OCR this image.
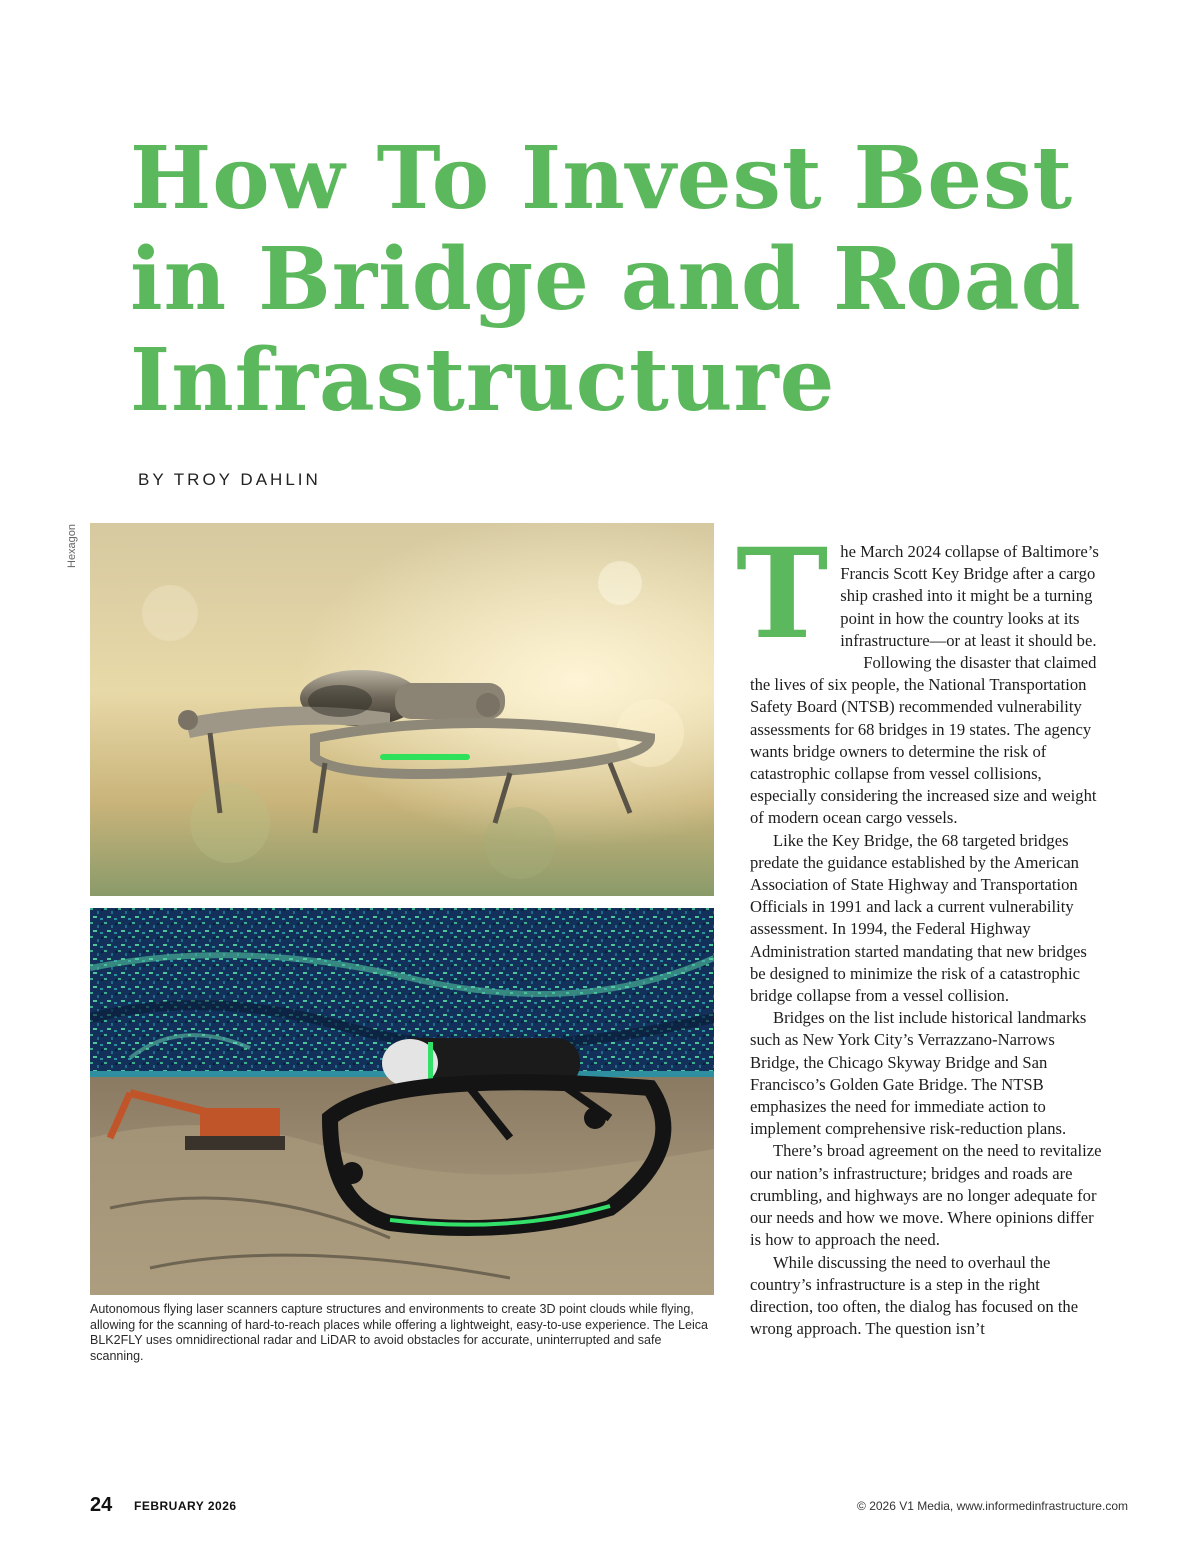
How To Invest Best
in Bridge and Road
Infrastructure
BY TROY DAHLIN
Hexagon

Autonomous flying laser scanners capture structures and environments to create 3D point clouds while flying, allowing for the scanning of hard-to-reach places while offering a lightweight, easy-to-use experience. The Leica BLK2FLY uses omnidirectional radar and LiDAR to avoid obstacles for accurate, uninterrupted and safe scanning.

T he March 2024 collapse of Baltimore’s Francis Scott Key Bridge after a cargo ship crashed into it might be a turning point in how the country looks at its infrastructure—or at least it should be.

Following the disaster that claimed the lives of six people, the National Transportation Safety Board (NTSB) recommended vulnerability assessments for 68 bridges in 19 states. The agency wants bridge owners to determine the risk of catastrophic collapse from vessel collisions, especially considering the increased size and weight of modern ocean cargo vessels.

Like the Key Bridge, the 68 targeted bridges predate the guidance established by the American Association of State Highway and Transportation Officials in 1991 and lack a current vulnerability assessment. In 1994, the Federal Highway Administration started mandating that new bridges be designed to minimize the risk of a catastrophic bridge collapse from a vessel collision.

Bridges on the list include historical landmarks such as New York City’s Verrazzano-Narrows Bridge, the Chicago Skyway Bridge and San Francisco’s Golden Gate Bridge. The NTSB emphasizes the need for immediate action to implement comprehensive risk-reduction plans.

There’s broad agreement on the need to revitalize our nation’s infrastructure; bridges and roads are crumbling, and highways are no longer adequate for our needs and how we move. Where opinions differ is how to approach the need.

While discussing the need to overhaul the country’s infrastructure is a step in the right direction, too often, the dialog has focused on the wrong approach. The question isn’t

24 FEBRUARY 2026	© 2026 V1 Media, www.informedinfrastructure.com
